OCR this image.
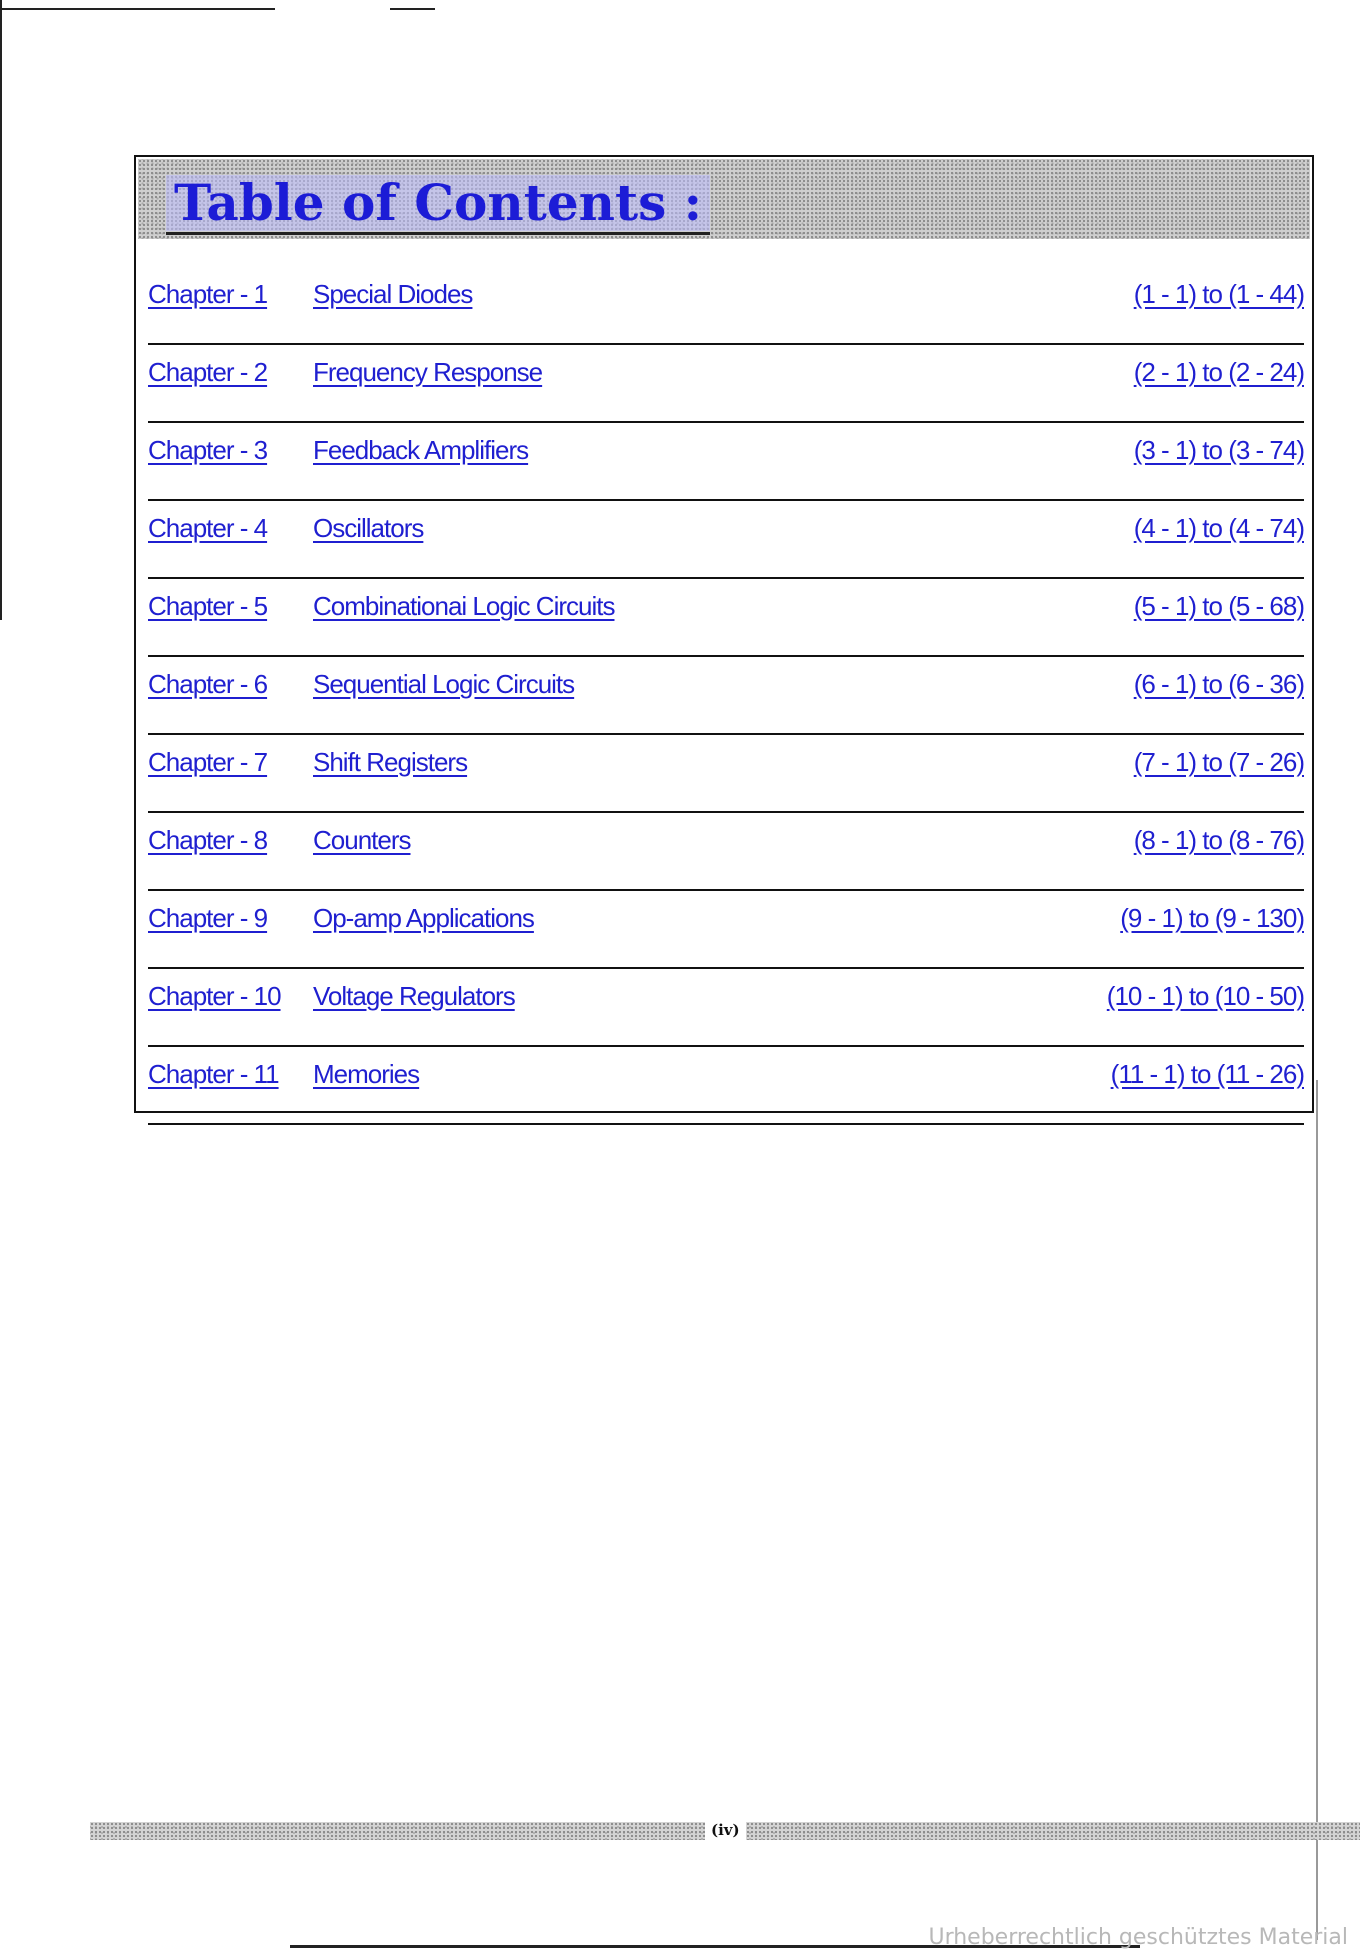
Table of Contents :
Chapter - 1 Special Diodes	(1 - 1) to (1 - 44)
Chapter - 2 Frequency Response	(2 - 1) to (2 - 24)
Chapter - 3 Feedback Amplifiers	(3 - 1) to (3 - 74)
Chapter - 4 Oscillators	(4 - 1) to (4 - 74)
Chapter - 5 Combinationai Logic Circuits	(5 - 1) to (5 - 68)
Chapter - 6 Sequential Logic Circuits	(6 - 1) to (6 - 36)
Chapter - 7 Shift Registers	(7 - 1) to (7 - 26)
Chapter - 8 Counters	(8 - 1) to (8 - 76)
Chapter - 9 Op-amp Applications	(9 - 1) to (9 - 130)
Chapter - 10 Voltage Regulators	(10 - 1) to (10 - 50)
Chapter - 11 Memories	(11 - 1) to (11 - 26)
(iv)
Urheberrechtlich geschütztes Material
